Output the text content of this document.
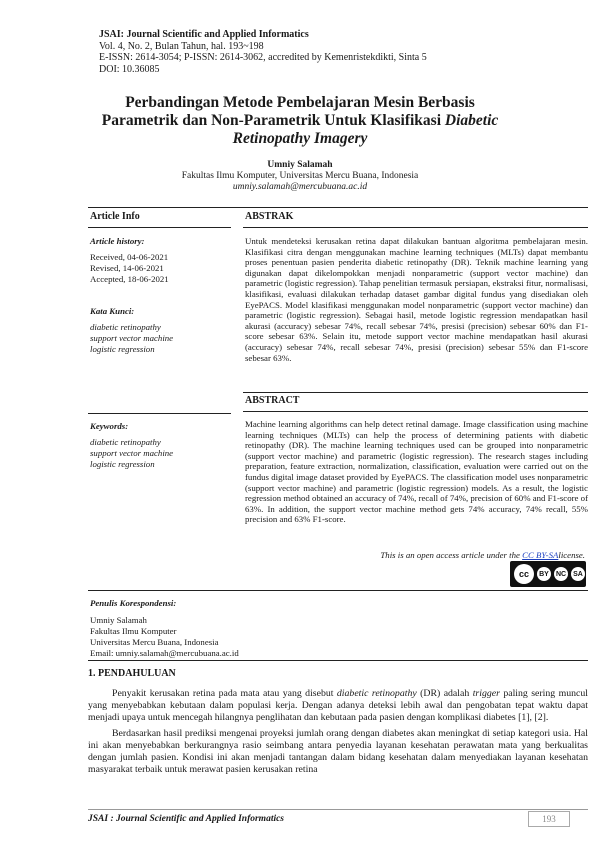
JSAI: Journal Scientific and Applied Informatics
Vol. 4, No. 2, Bulan Tahun, hal. 193~198
E-ISSN: 2614-3054; P-ISSN: 2614-3062, accredited by Kemenristekdikti, Sinta 5
DOI: 10.36085
Perbandingan Metode Pembelajaran Mesin Berbasis
Parametrik dan Non-Parametrik Untuk Klasifikasi Diabetic
Retinopathy Imagery
Umniy Salamah
Fakultas Ilmu Komputer, Universitas Mercu Buana, Indonesia
umniy.salamah@mercubuana.ac.id
Article Info
Article history:
Received, 04-06-2021
Revised, 14-06-2021
Accepted, 18-06-2021
Kata Kunci:
diabetic retinopathy
support vector machine
logistic regression
Keywords:
diabetic retinopathy
support vector machine
logistic regression
ABSTRAK
Untuk mendeteksi kerusakan retina dapat dilakukan bantuan algoritma pembelajaran mesin. Klasifikasi citra dengan menggunakan machine learning techniques (MLTs) dapat membantu proses penentuan pasien penderita diabetic retinopathy (DR). Teknik machine learning yang digunakan dapat dikelompokkan menjadi nonparametric (support vector machine) dan parametric (logistic regression). Tahap penelitian termasuk persiapan, ekstraksi fitur, normalisasi, klasifikasi, evaluasi dilakukan terhadap dataset gambar digital fundus yang disediakan oleh EyePACS. Model klasifikasi menggunakan model nonparametric (support vector machine) dan parametric (logistic regression). Sebagai hasil, metode logistic regression mendapatkan hasil akurasi (accuracy) sebesar 74%, recall sebesar 74%, presisi (precision) sebesar 60% dan F1-score sebesar 63%. Selain itu, metode support vector machine mendapatkan hasil akurasi (accuracy) sebesar 74%, recall sebesar 74%, presisi (precision) sebesar 55% dan F1-score sebesar 63%.
ABSTRACT
Machine learning algorithms can help detect retinal damage. Image classification using machine learning techniques (MLTs) can help the process of determining patients with diabetic retinopathy (DR). The machine learning techniques used can be grouped into nonparametric (support vector machine) and parametric (logistic regression). The research stages including preparation, feature extraction, normalization, classification, evaluation were carried out on the fundus digital image dataset provided by EyePACS. The classification model uses nonparametric (support vector machine) and parametric (logistic regression) models. As a result, the logistic regression method obtained an accuracy of 74%, recall of 74%, precision of 60% and F1-score of 63%. In addition, the support vector machine method gets 74% accuracy, 74% recall, 55% precision and 63% F1-score.
This is an open access article under the CC BY-SAlicense.
cc	BY	NC	SA
Penulis Korespondensi:
Umniy Salamah
Fakultas Ilmu Komputer
Universitas Mercu Buana, Indonesia
Email: umniy.salamah@mercubuana.ac.id
1. PENDAHULUAN

Penyakit kerusakan retina pada mata atau yang disebut diabetic retinopathy (DR) adalah trigger paling sering muncul yang menyebabkan kebutaan dalam populasi kerja. Dengan adanya deteksi lebih awal dan pengobatan tepat waktu dapat menjadi upaya untuk mencegah hilangnya penglihatan dan kebutaan pada pasien dengan komplikasi diabetes [1], [2].

Berdasarkan hasil prediksi mengenai proyeksi jumlah orang dengan diabetes akan meningkat di setiap kategori usia. Hal ini akan menyebabkan berkurangnya rasio seimbang antara penyedia layanan kesehatan perawatan mata yang berkualitas dengan jumlah pasien. Kondisi ini akan menjadi tantangan dalam bidang kesehatan dalam menyediakan layanan kesehatan masyarakat terbaik untuk merawat pasien kerusakan retina

JSAI : Journal Scientific and Applied Informatics	193
